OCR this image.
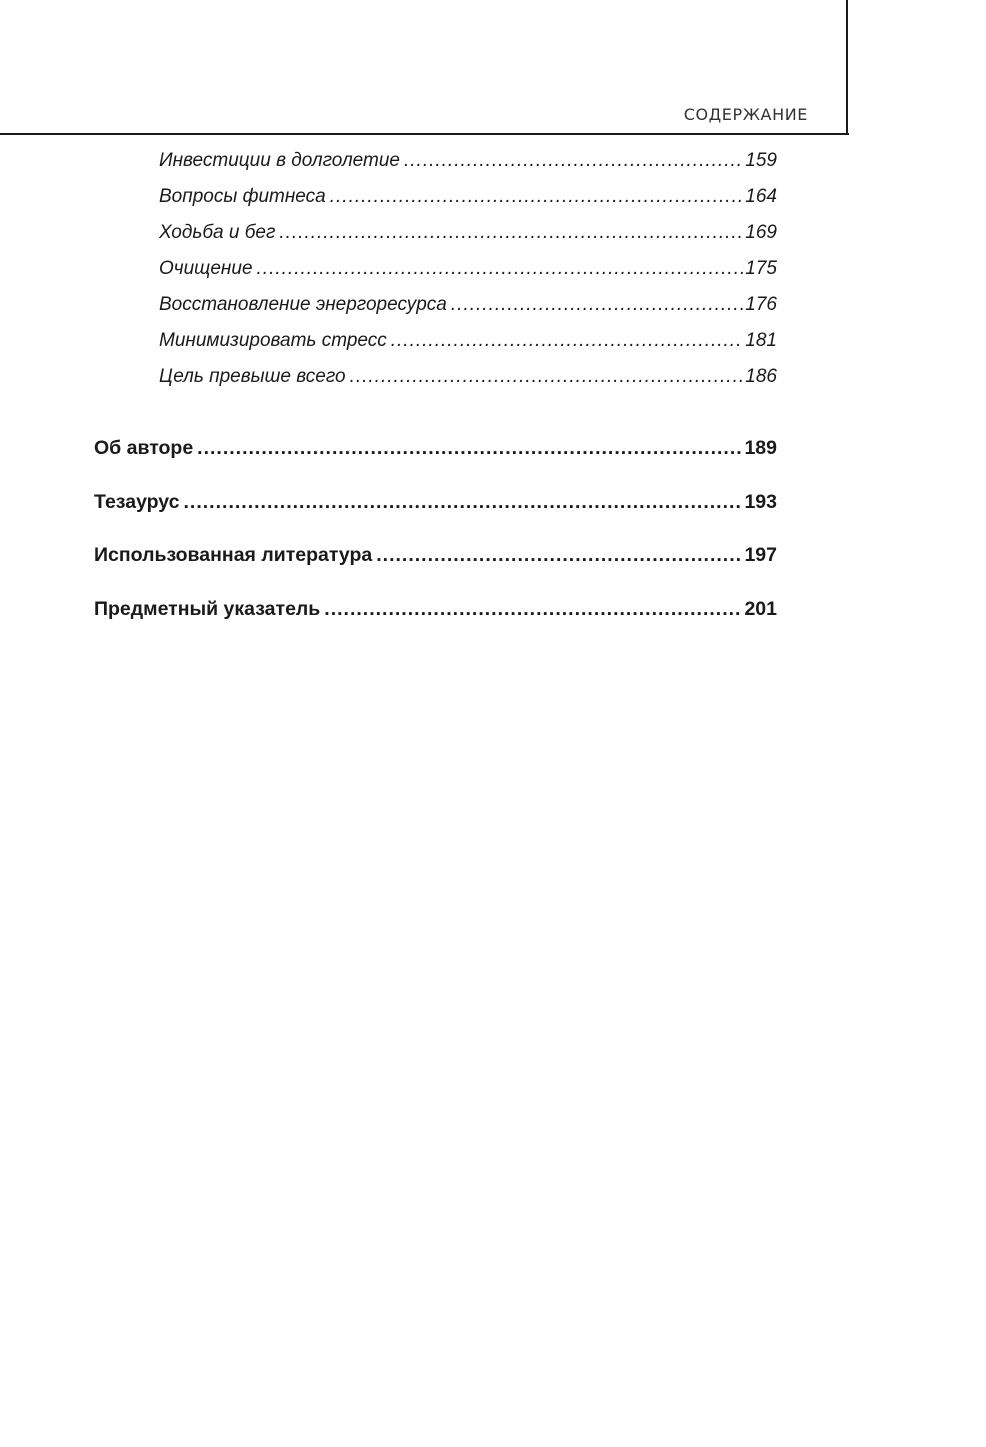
СОДЕРЖАНИЕ
Инвестиции в долголетие .....	159
Вопросы фитнеса .....	164
Ходьба и бег .....	169
Очищение .....	175
Восстановление энергоресурса .....	176
Минимизировать стресс .....	181
Цель превыше всего .....	186
Об авторе .....	189
Тезаурус .....	193
Использованная литература .....	197
Предметный указатель .....	201
